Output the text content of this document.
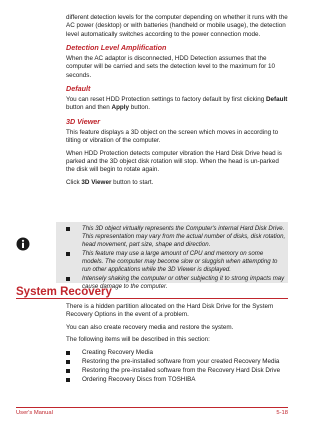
different detection levels for the computer depending on whether it runs with the AC power (desktop) or with batteries (handheld or mobile usage), the detection level automatically switches according to the power connection mode.

Detection Level Amplification

When the AC adaptor is disconnected, HDD Detection assumes that the computer will be carried and sets the detection level to the maximum for 10 seconds.

Default

You can reset HDD Protection settings to factory default by first clicking Default button and then Apply button.

3D Viewer

This feature displays a 3D object on the screen which moves in according to tilting or vibration of the computer.

When HDD Protection detects computer vibration the Hard Disk Drive head is parked and the 3D object disk rotation will stop. When the head is un-parked the disk will begin to rotate again.

Click 3D Viewer button to start.

This 3D object virtually represents the Computer's internal Hard Disk Drive. This representation may vary from the actual number of disks, disk rotation, head movement, part size, shape and direction.
This feature may use a large amount of CPU and memory on some models. The computer may become slow or sluggish when attempting to run other applications while the 3D Viewer is displayed.
Intensely shaking the computer or other subjecting it to strong impacts may cause damage to the computer.
System Recovery

There is a hidden partition allocated on the Hard Disk Drive for the System Recovery Options in the event of a problem.

You can also create recovery media and restore the system.

The following items will be described in this section:

Creating Recovery Media
Restoring the pre-installed software from your created Recovery Media
Restoring the pre-installed software from the Recovery Hard Disk Drive
Ordering Recovery Discs from TOSHIBA
User's Manual	5-18
